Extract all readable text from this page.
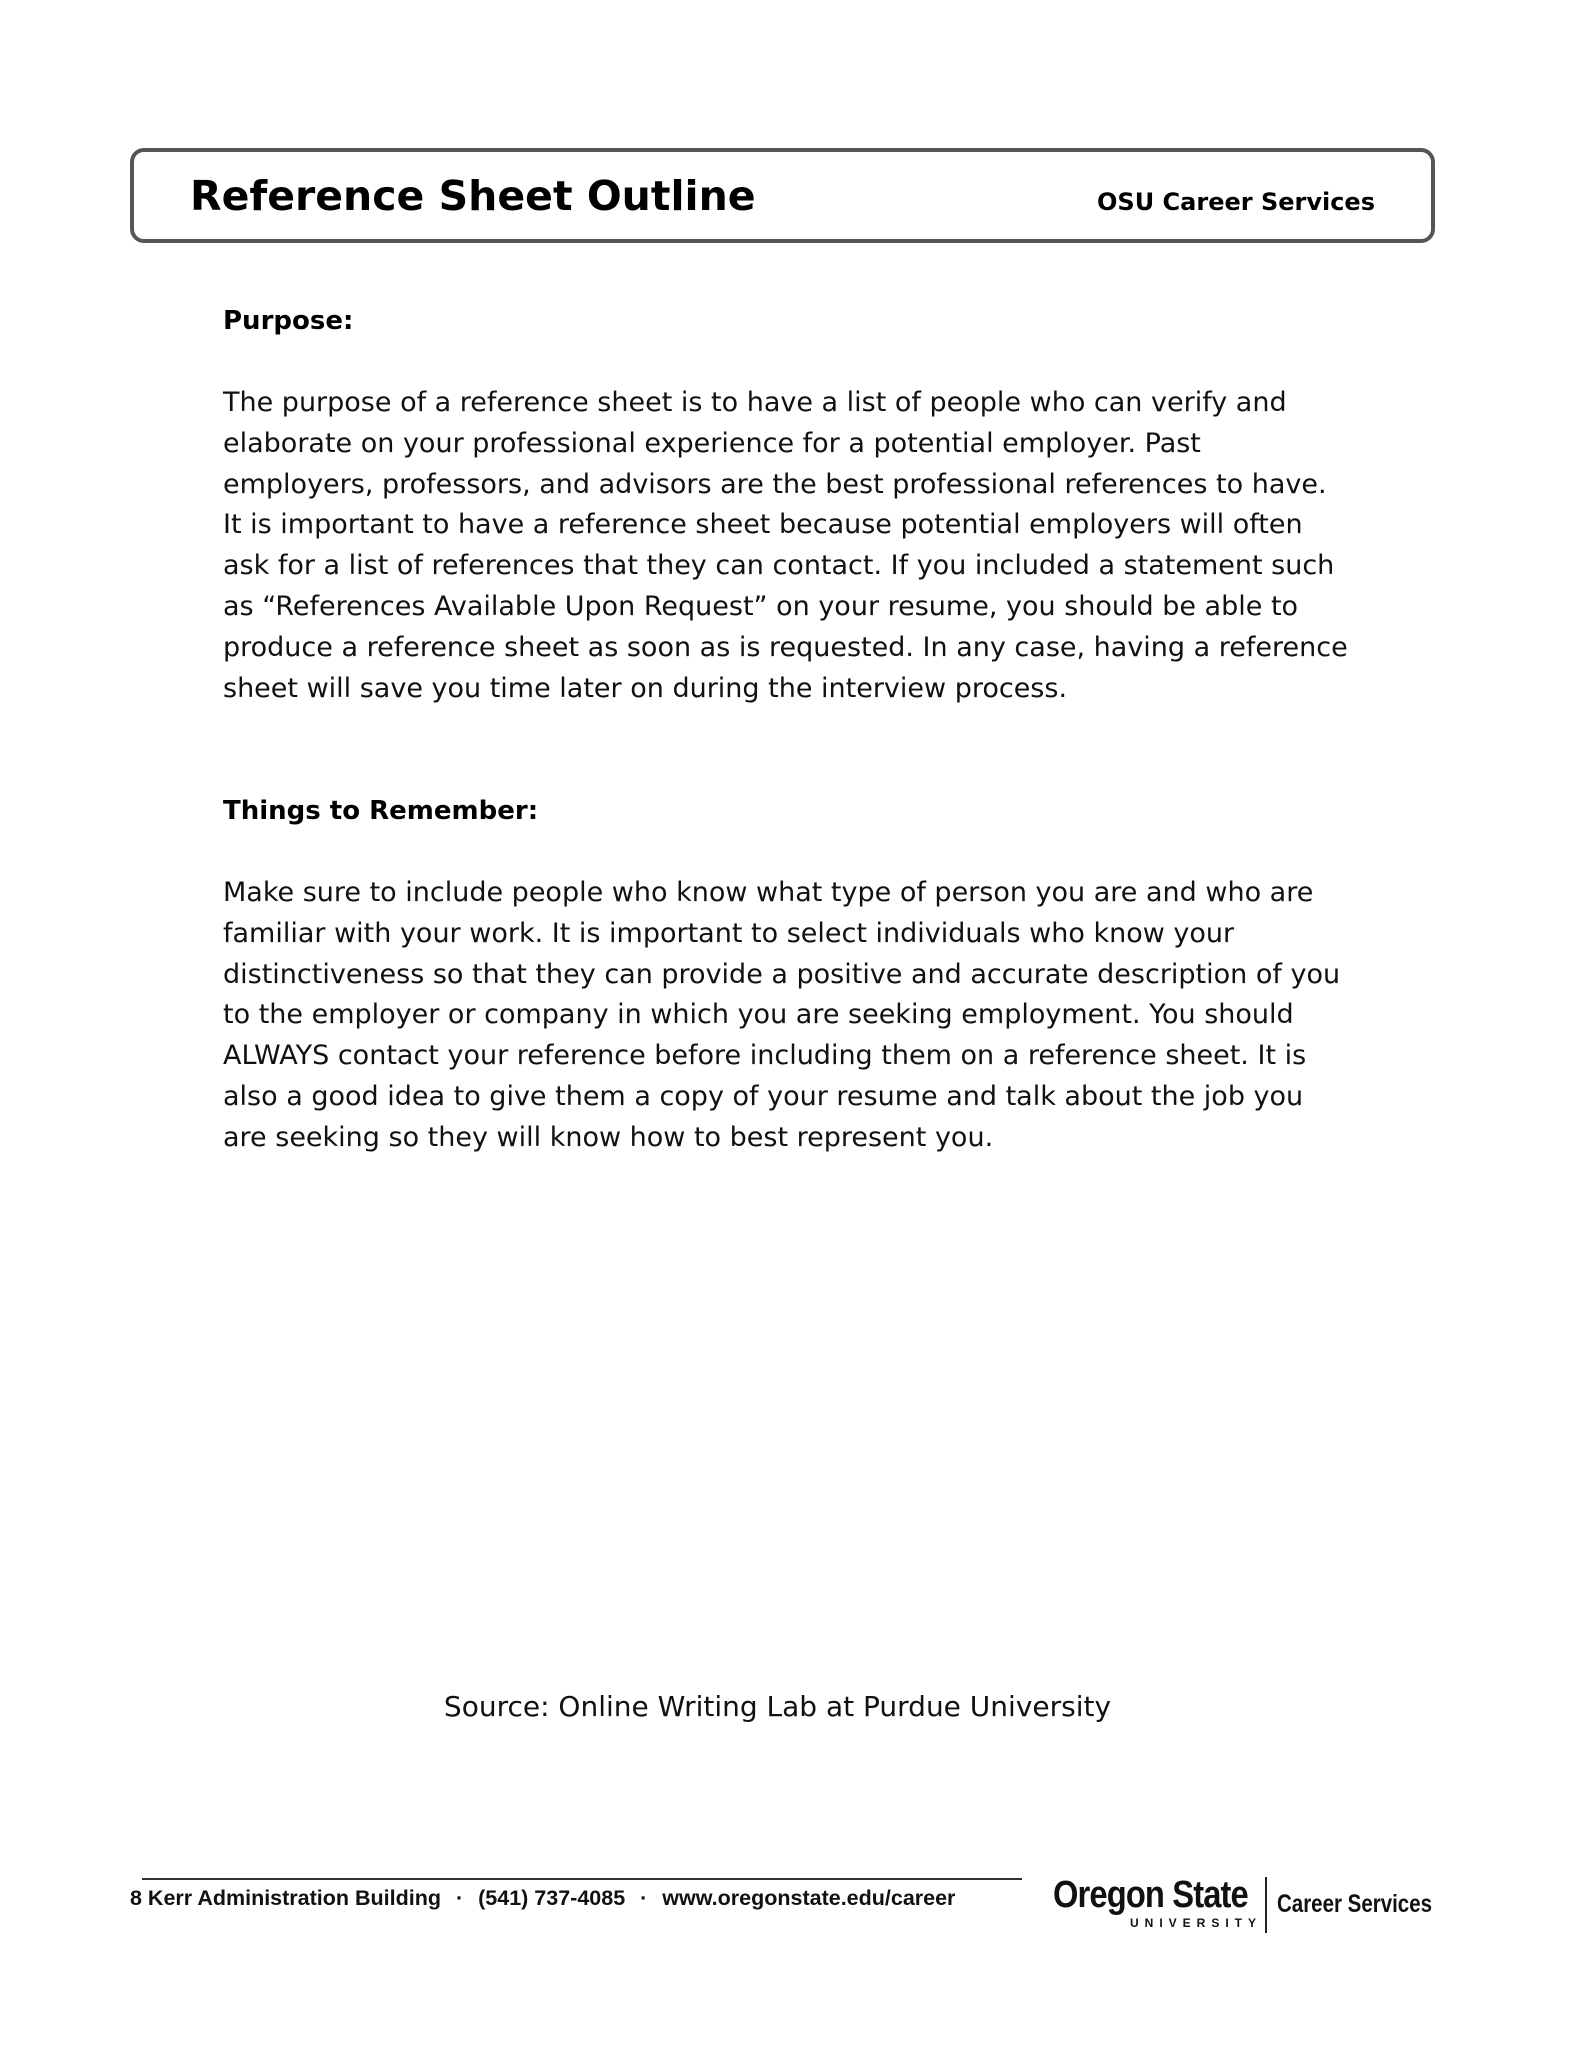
Reference Sheet Outline	OSU Career Services
Purpose:

The purpose of a reference sheet is to have a list of people who can verify and elaborate on your professional experience for a potential employer. Past employers, professors, and advisors are the best professional references to have. It is important to have a reference sheet because potential employers will often ask for a list of references that they can contact. If you included a statement such as “References Available Upon Request” on your resume, you should be able to produce a reference sheet as soon as is requested. In any case, having a reference sheet will save you time later on during the interview process.

Things to Remember:

Make sure to include people who know what type of person you are and who are familiar with your work. It is important to select individuals who know your distinctiveness so that they can provide a positive and accurate description of you to the employer or company in which you are seeking employment. You should ALWAYS contact your reference before including them on a reference sheet. It is also a good idea to give them a copy of your resume and talk about the job you are seeking so they will know how to best represent you.

Source: Online Writing Lab at Purdue University
8 Kerr Administration Building · (541) 737-4085 · www.oregonstate.edu/career	Oregon State
UNIVERSITY
Career Services
